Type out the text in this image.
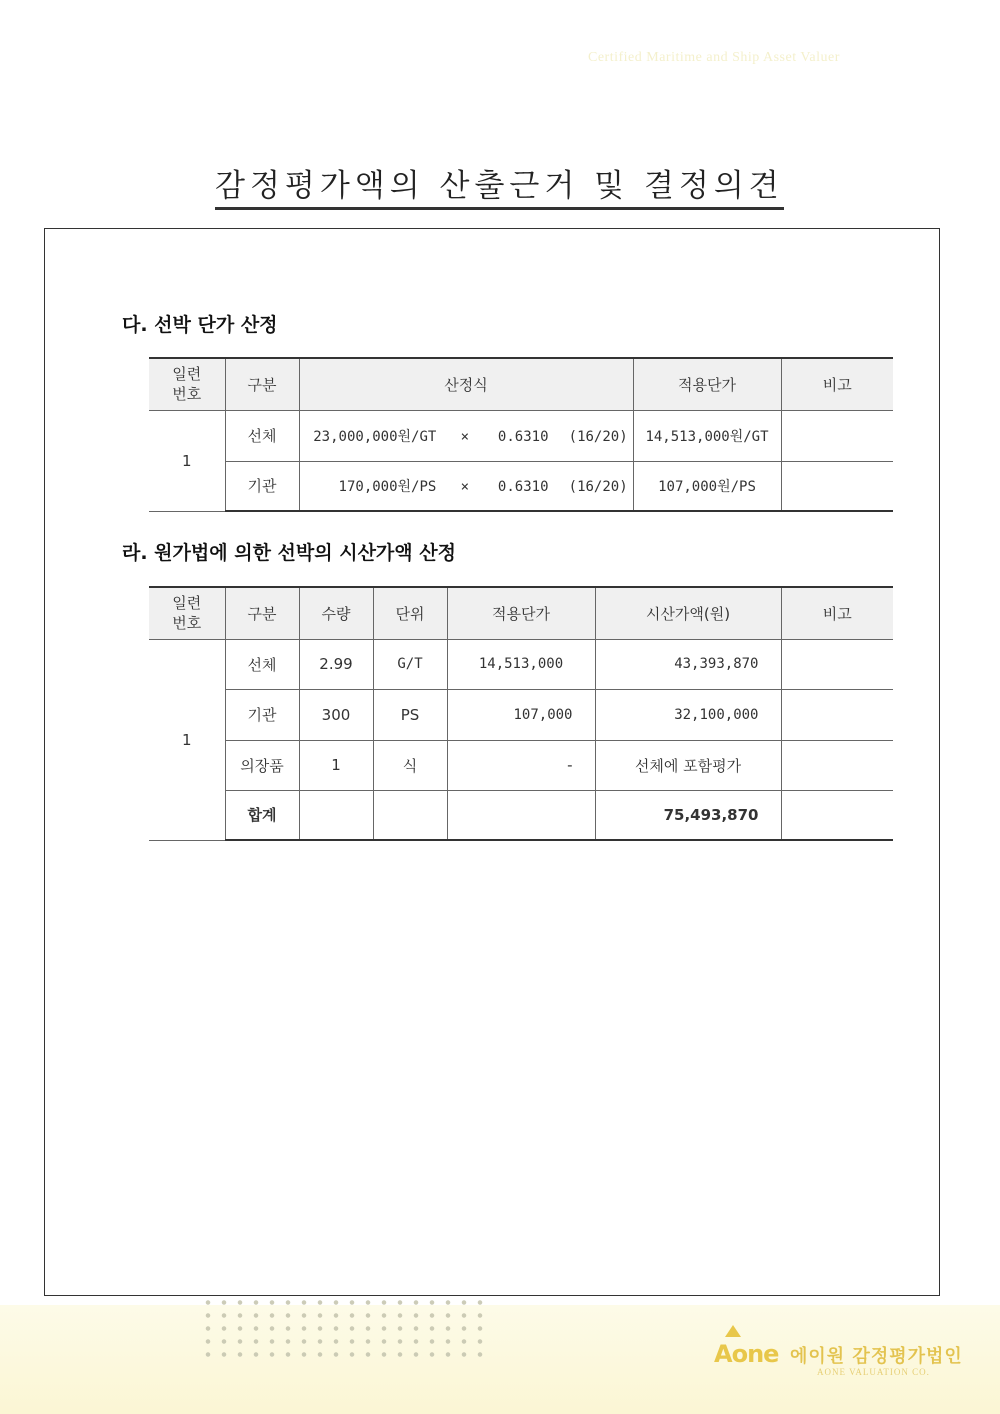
Certified Maritime and Ship Asset Valuer
감정평가액의 산출근거 및 결정의견
다. 선박 단가 산정
일련
번호	구분	산정식	적용단가	비고
1	선체	23,000,000원/GT × 0.6310 (16/20)	14,513,000원/GT	
	기관	170,000원/PS × 0.6310 (16/20)	107,000원/PS	
라. 원가법에 의한 선박의 시산가액 산정
일련
번호	구분	수량	단위	적용단가	시산가액(원)	비고
1	선체	2.99	G/T	14,513,000	43,393,870	
	기관	300	PS	107,000	32,100,000	
	의장품	1	식	-	선체에 포함평가	
	합계				75,493,870	
Aone 에이원 감정평가법인
AONE VALUATION CO.
